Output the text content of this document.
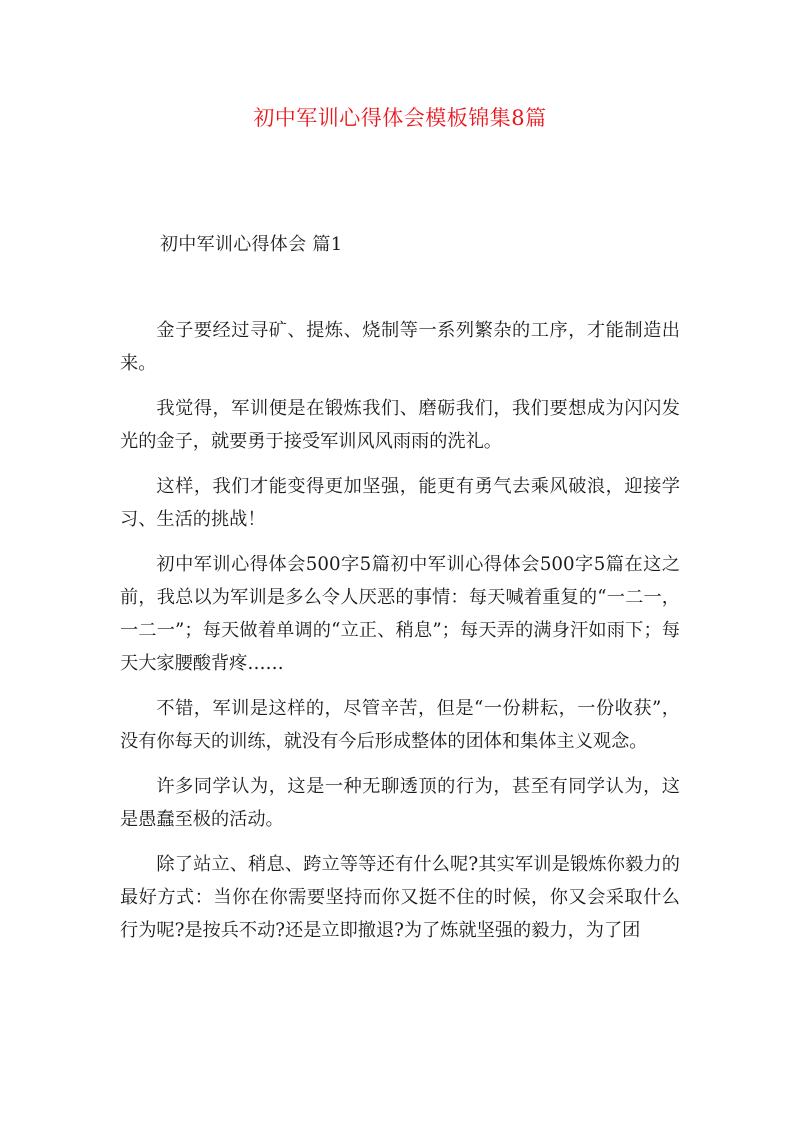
初中军训心得体会模板锦集8篇
初中军训心得体会 篇1

金子要经过寻矿、提炼、烧制等一系列繁杂的工序，才能制造出来。

我觉得，军训便是在锻炼我们、磨砺我们，我们要想成为闪闪发光的金子，就要勇于接受军训风风雨雨的洗礼。

这样，我们才能变得更加坚强，能更有勇气去乘风破浪，迎接学习、生活的挑战！

初中军训心得体会500字5篇初中军训心得体会500字5篇在这之前，我总以为军训是多么令人厌恶的事情：每天喊着重复的“一二一，一二一”；每天做着单调的“立正、稍息”；每天弄的满身汗如雨下；每天大家腰酸背疼……

不错，军训是这样的，尽管辛苦，但是“一份耕耘，一份收获”，没有你每天的训练，就没有今后形成整体的团体和集体主义观念。

许多同学认为，这是一种无聊透顶的行为，甚至有同学认为，这是愚蠢至极的活动。

除了站立、稍息、跨立等等还有什么呢?其实军训是锻炼你毅力的最好方式：当你在你需要坚持而你又挺不住的时候，你又会采取什么行为呢?是按兵不动?还是立即撤退?为了炼就坚强的毅力，为了团
